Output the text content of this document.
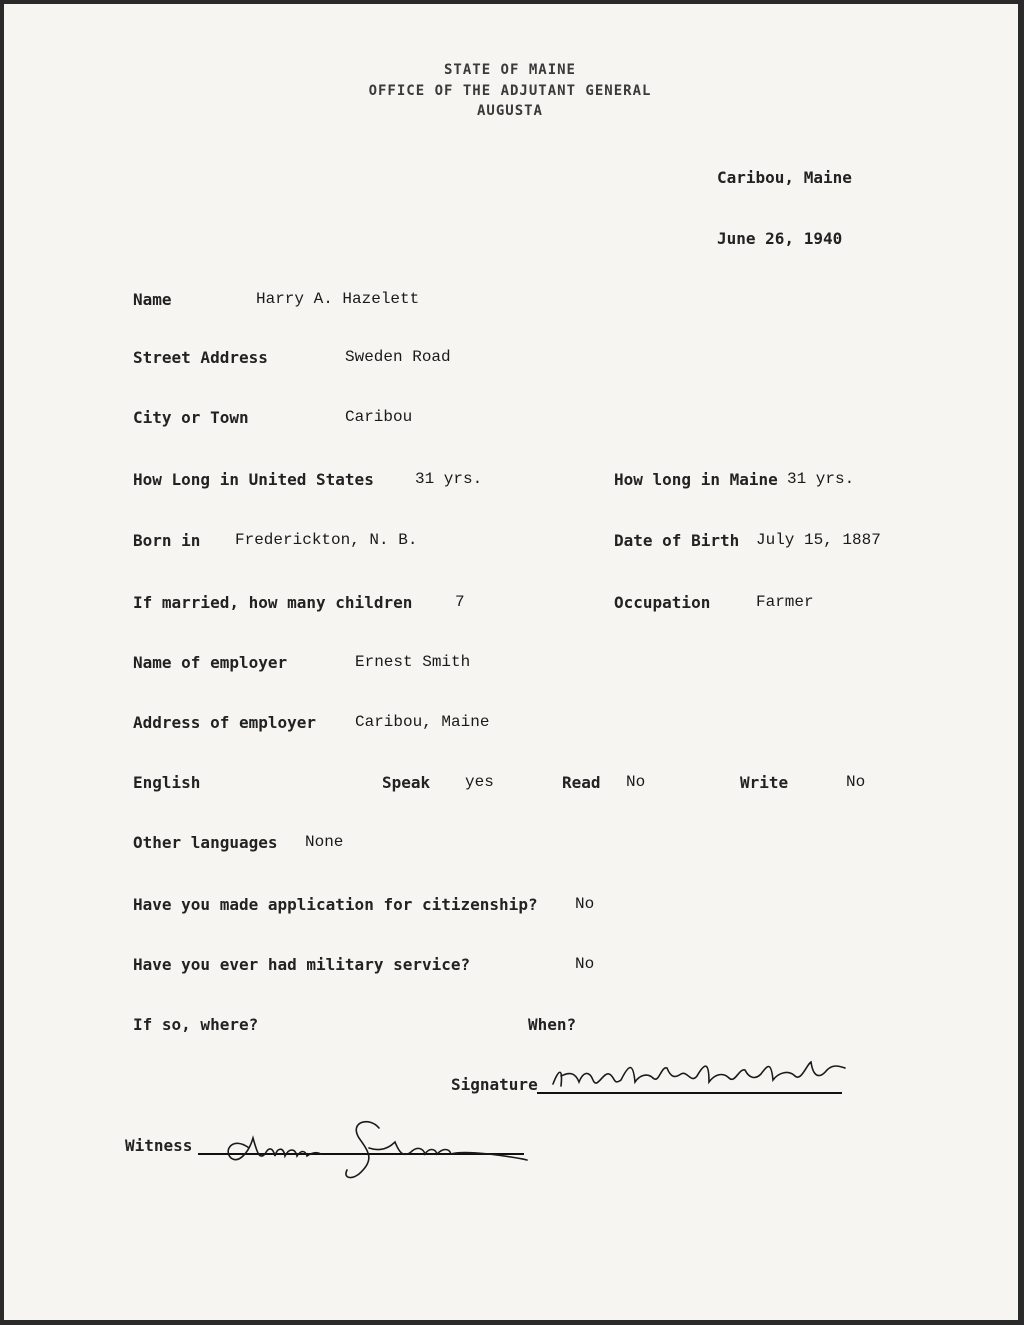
STATE OF MAINE
OFFICE OF THE ADJUTANT GENERAL
AUGUSTA
Caribou, Maine
June 26, 1940
Name	Harry A. Hazelett
Street Address	Sweden Road
City or Town	Caribou
How Long in United States	31 yrs.	How long in Maine 31 yrs.
Born in Frederickton, N. B.	Date of Birth July 15, 1887
If married, how many children	7	Occupation	Farmer
Name of employer	Ernest Smith
Address of employer Caribou, Maine
English	Speak yes	Read No	Write	No
Other languages None
Have you made application for citizenship? No
Have you ever had military service?	No
If so, where?	When?
Signature
Witness
